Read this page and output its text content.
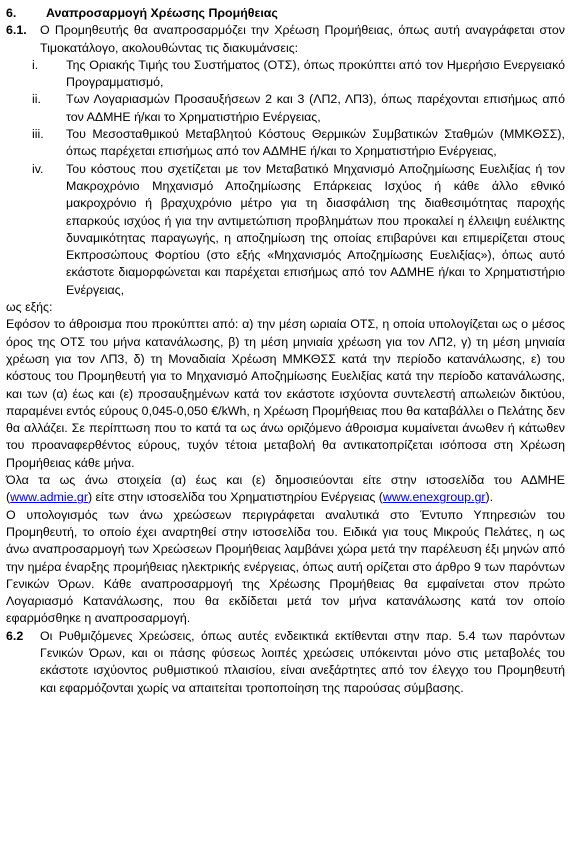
6.	Αναπροσαρμογή Χρέωσης Προμήθειας
6.1.	Ο Προμηθευτής θα αναπροσαρμόζει την Χρέωση Προμήθειας, όπως αυτή αναγράφεται στον Τιμοκατάλογο, ακολουθώντας τις διακυμάνσεις:
i.	Της Οριακής Τιμής του Συστήματος (ΟΤΣ), όπως προκύπτει από τον Ημερήσιο Ενεργειακό Προγραμματισμό,
ii.	Των Λογαριασμών Προσαυξήσεων 2 και 3 (ΛΠ2, ΛΠ3), όπως παρέχονται επισήμως από τον ΑΔΜΗΕ ή/και το Χρηματιστήριο Ενέργειας,
iii.	Του Μεσοσταθμικού Μεταβλητού Κόστους Θερμικών Συμβατικών Σταθμών (ΜΜΚΘΣΣ), όπως παρέχεται επισήμως από τον ΑΔΜΗΕ ή/και το Χρηματιστήριο Ενέργειας,
iv.	Του κόστους που σχετίζεται με τον Μεταβατικό Μηχανισμό Αποζημίωσης Ευελιξίας ή τον Μακροχρόνιο Μηχανισμό Αποζημίωσης Επάρκειας Ισχύος ή κάθε άλλο εθνικό μακροχρόνιο ή βραχυχρόνιο μέτρο για τη διασφάλιση της διαθεσιμότητας παροχής επαρκούς ισχύος ή για την αντιμετώπιση προβλημάτων που προκαλεί η έλλειψη ευέλικτης δυναμικότητας παραγωγής, η αποζημίωση της οποίας επιβαρύνει και επιμερίζεται στους Εκπροσώπους Φορτίου (στο εξής «Μηχανισμός Αποζημίωσης Ευελιξίας»), όπως αυτό εκάστοτε διαμορφώνεται και παρέχεται επισήμως από τον ΑΔΜΗΕ ή/και το Χρηματιστήριο Ενέργειας,

ως εξής:

Εφόσον το άθροισμα που προκύπτει από: α) την μέση ωριαία ΟΤΣ, η οποία υπολογίζεται ως ο μέσος όρος της ΟΤΣ του μήνα κατανάλωσης, β) τη μέση μηνιαία χρέωση για τον ΛΠ2, γ) τη μέση μηνιαία χρέωση για τον ΛΠ3, δ) τη Μοναδιαία Χρέωση ΜΜΚΘΣΣ κατά την περίοδο κατανάλωσης, ε) του κόστους του Προμηθευτή για το Μηχανισμό Αποζημίωσης Ευελιξίας κατά την περίοδο κατανάλωσης, και των (α) έως και (ε) προσαυξημένων κατά τον εκάστοτε ισχύοντα συντελεστή απωλειών δικτύου, παραμένει εντός εύρους 0,045-0,050 €/kWh, η Χρέωση Προμήθειας που θα καταβάλλει ο Πελάτης δεν θα αλλάζει. Σε περίπτωση που το κατά τα ως άνω οριζόμενο άθροισμα κυμαίνεται άνωθεν ή κάτωθεν του προαναφερθέντος εύρους, τυχόν τέτοια μεταβολή θα αντικατοπρίζεται ισόποσα στη Χρέωση Προμήθειας κάθε μήνα.

Όλα τα ως άνω στοιχεία (α) έως και (ε) δημοσιεύονται είτε στην ιστοσελίδα του ΑΔΜΗΕ (www.admie.gr) είτε στην ιστοσελίδα του Χρηματιστηρίου Ενέργειας (www.enexgroup.gr).

Ο υπολογισμός των άνω χρεώσεων περιγράφεται αναλυτικά στο Έντυπο Υπηρεσιών του Προμηθευτή, το οποίο έχει αναρτηθεί στην ιστοσελίδα του. Ειδικά για τους Μικρούς Πελάτες, η ως άνω αναπροσαρμογή των Χρεώσεων Προμήθειας λαμβάνει χώρα μετά την παρέλευση έξι μηνών από την ημέρα έναρξης προμήθειας ηλεκτρικής ενέργειας, όπως αυτή ορίζεται στο άρθρο 9 των παρόντων Γενικών Όρων. Κάθε αναπροσαρμογή της Χρέωσης Προμήθειας θα εμφαίνεται στον πρώτο Λογαριασμό Κατανάλωσης, που θα εκδίδεται μετά τον μήνα κατανάλωσης κατά τον οποίο εφαρμόσθηκε η αναπροσαρμογή.

6.2	Οι Ρυθμιζόμενες Χρεώσεις, όπως αυτές ενδεικτικά εκτίθενται στην παρ. 5.4 των παρόντων Γενικών Όρων, και οι πάσης φύσεως λοιπές χρεώσεις υπόκεινται μόνο στις μεταβολές του εκάστοτε ισχύοντος ρυθμιστικού πλαισίου, είναι ανεξάρτητες από τον έλεγχο του Προμηθευτή και εφαρμόζονται χωρίς να απαιτείται τροποποίηση της παρούσας σύμβασης.
